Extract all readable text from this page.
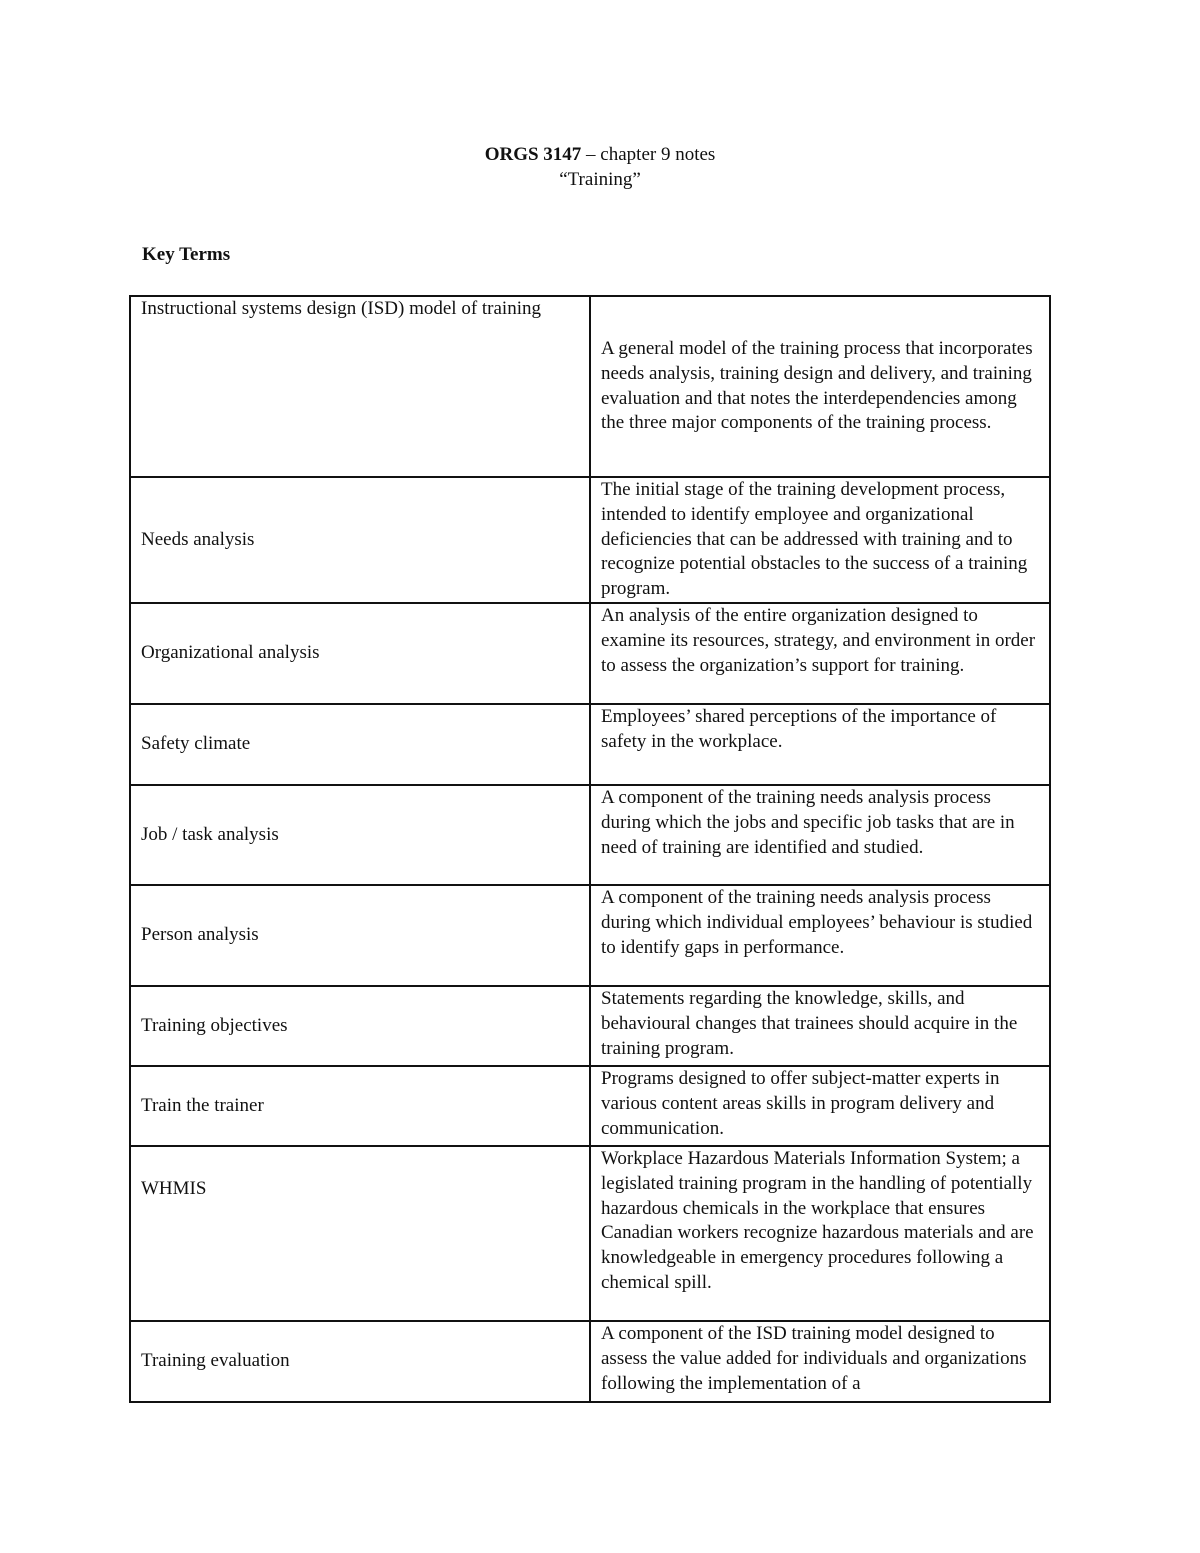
ORGS 3147 – chapter 9 notes
“Training”
Key Terms
Instructional systems design (ISD) model of training	A general model of the training process that incorporates needs analysis, training design and delivery, and training evaluation and that notes the interdependencies among the three major components of the training process.
Needs analysis	The initial stage of the training development process, intended to identify employee and organizational deficiencies that can be addressed with training and to recognize potential obstacles to the success of a training program.
Organizational analysis	An analysis of the entire organization designed to examine its resources, strategy, and environment in order to assess the organization’s support for training.
Safety climate	Employees’ shared perceptions of the importance of safety in the workplace.
Job / task analysis	A component of the training needs analysis process during which the jobs and specific job tasks that are in need of training are identified and studied.
Person analysis	A component of the training needs analysis process during which individual employees’ behaviour is studied to identify gaps in performance.
Training objectives	Statements regarding the knowledge, skills, and behavioural changes that trainees should acquire in the training program.
Train the trainer	Programs designed to offer subject-matter experts in various content areas skills in program delivery and communication.
WHMIS	Workplace Hazardous Materials Information System; a legislated training program in the handling of potentially hazardous chemicals in the workplace that ensures Canadian workers recognize hazardous materials and are knowledgeable in emergency procedures following a chemical spill.
Training evaluation	A component of the ISD training model designed to assess the value added for individuals and organizations following the implementation of a
